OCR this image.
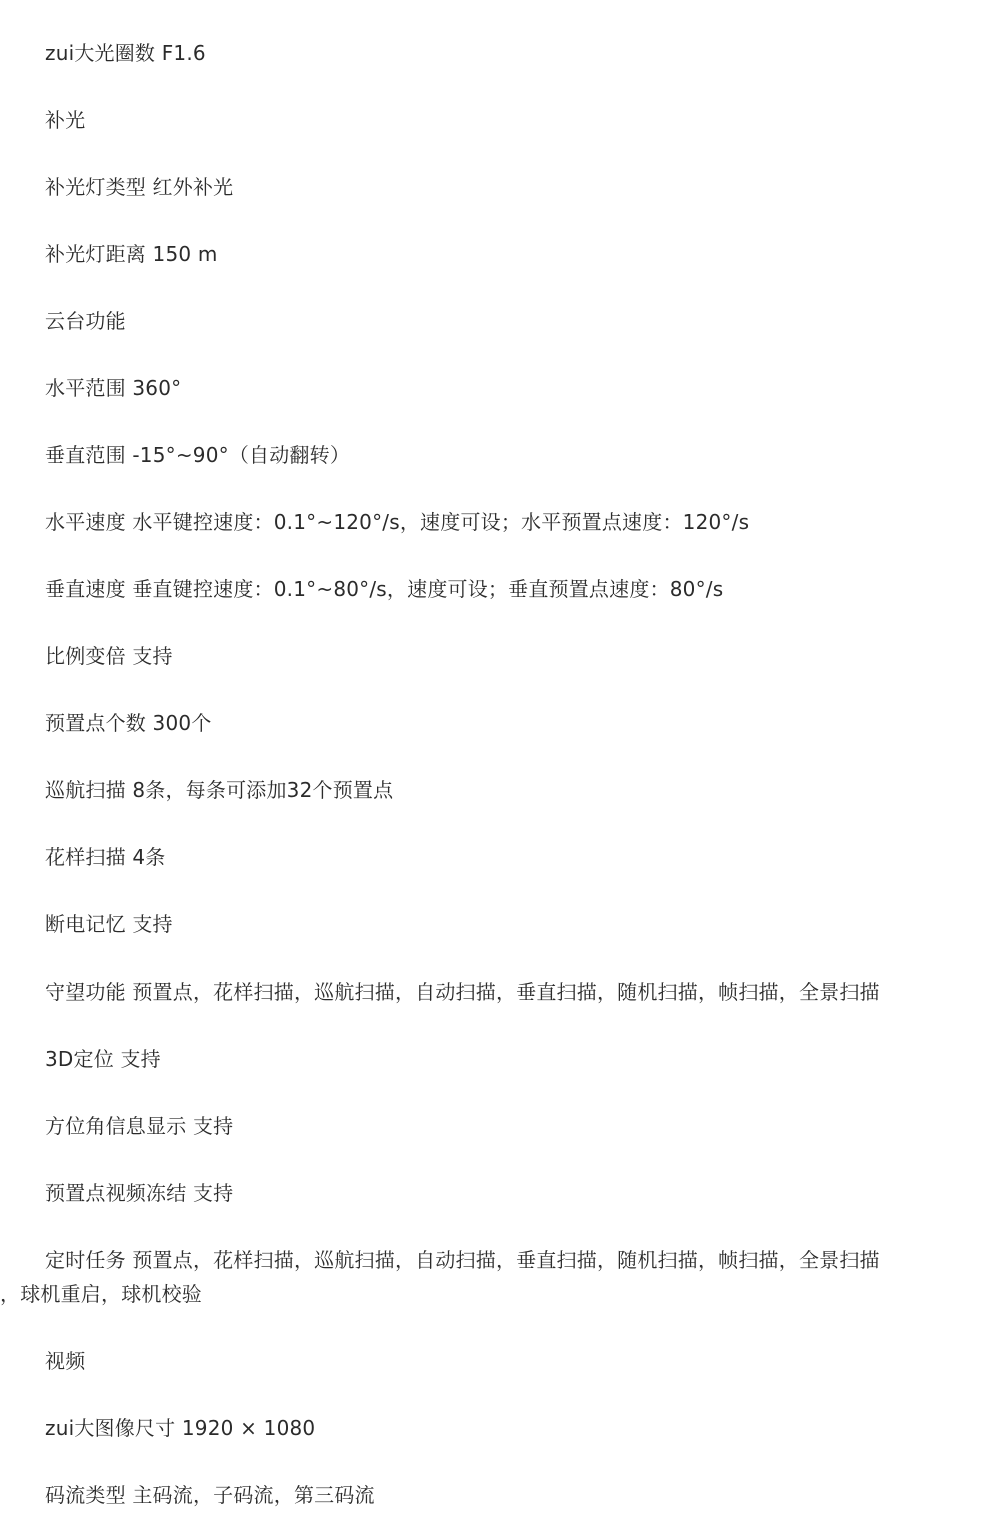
zui大光圈数 F1.6
补光
补光灯类型 红外补光
补光灯距离 150 m
云台功能
水平范围 360°
垂直范围 -15°~90°（自动翻转）
水平速度 水平键控速度：0.1°~120°/s，速度可设；水平预置点速度：120°/s
垂直速度 垂直键控速度：0.1°~80°/s，速度可设；垂直预置点速度：80°/s
比例变倍 支持
预置点个数 300个
巡航扫描 8条，每条可添加32个预置点
花样扫描 4条
断电记忆 支持
守望功能 预置点，花样扫描，巡航扫描，自动扫描，垂直扫描，随机扫描，帧扫描，全景扫描
3D定位 支持
方位角信息显示 支持
预置点视频冻结 支持
定时任务 预置点，花样扫描，巡航扫描，自动扫描，垂直扫描，随机扫描，帧扫描，全景扫描
，球机重启，球机校验
视频
zui大图像尺寸 1920 × 1080
码流类型 主码流，子码流，第三码流
